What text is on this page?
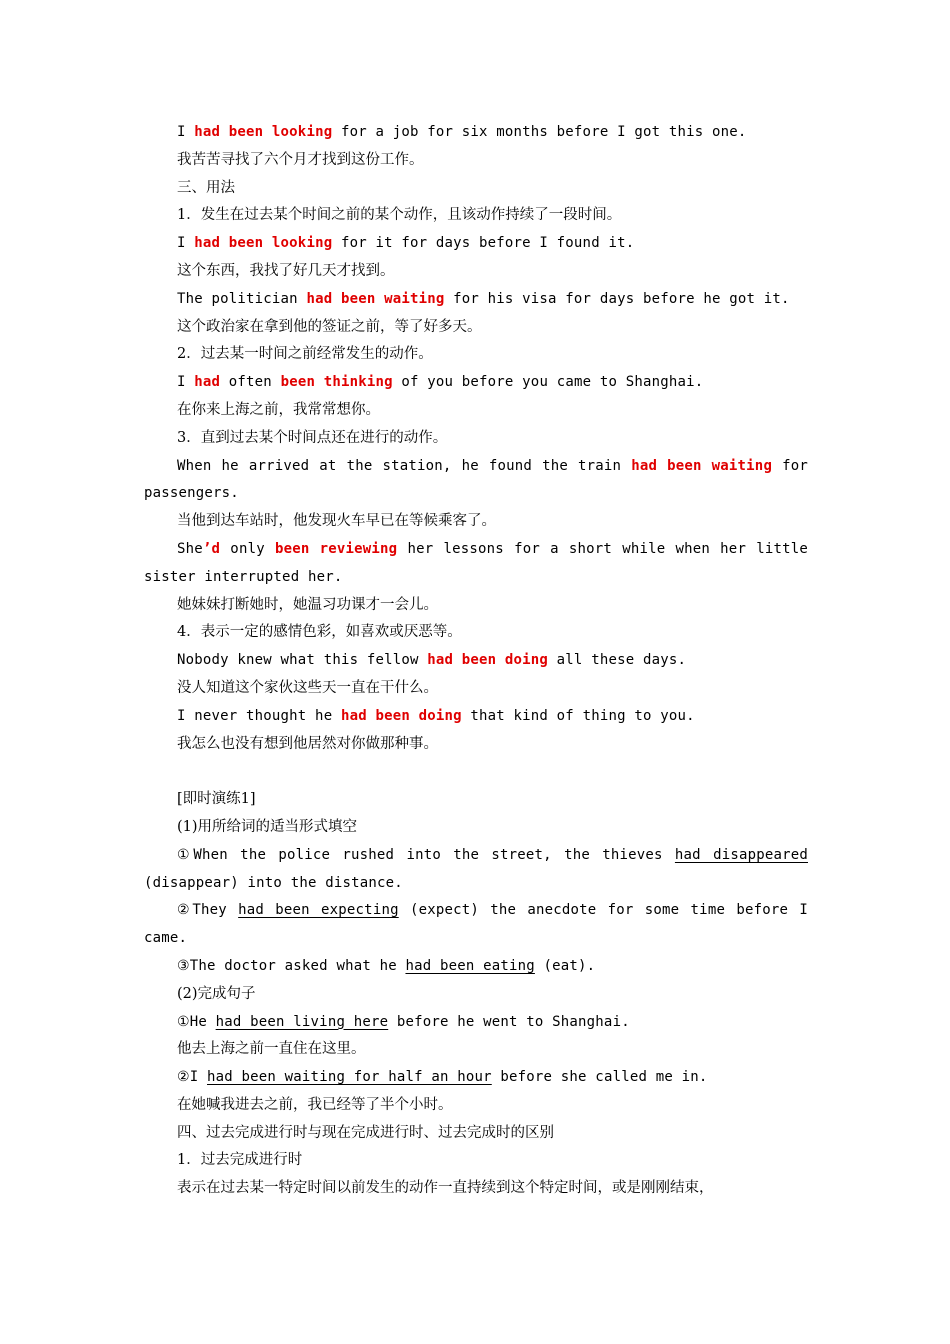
I had been looking for a job for six months before I got this one.
我苦苦寻找了六个月才找到这份工作。
三、用法
1．发生在过去某个时间之前的某个动作，且该动作持续了一段时间。
I had been looking for it for days before I found it.
这个东西，我找了好几天才找到。
The politician had been waiting for his visa for days before he got it.
这个政治家在拿到他的签证之前，等了好多天。
2．过去某一时间之前经常发生的动作。
I had often been thinking of you before you came to Shanghai.
在你来上海之前，我常常想你。
3．直到过去某个时间点还在进行的动作。
When he arrived at the station, he found the train had been waiting for
passengers.
当他到达车站时，他发现火车早已在等候乘客了。
She’d only been reviewing her lessons for a short while when her little
sister interrupted her.
她妹妹打断她时，她温习功课才一会儿。
4．表示一定的感情色彩，如喜欢或厌恶等。
Nobody knew what this fellow had been doing all these days.
没人知道这个家伙这些天一直在干什么。
I never thought he had been doing that kind of thing to you.
我怎么也没有想到他居然对你做那种事。
[即时演练1]
(1)用所给词的适当形式填空
①When the police rushed into the street, the thieves had disappeared
(disappear) into the distance.
②They had been expecting (expect) the anecdote for some time before I
came.
③The doctor asked what he had been eating (eat).
(2)完成句子
①He had been living here before he went to Shanghai.
他去上海之前一直住在这里。
②I had been waiting for half an hour before she called me in.
在她喊我进去之前，我已经等了半个小时。
四、过去完成进行时与现在完成进行时、过去完成时的区别
1．过去完成进行时
表示在过去某一特定时间以前发生的动作一直持续到这个特定时间，或是刚刚结束，
